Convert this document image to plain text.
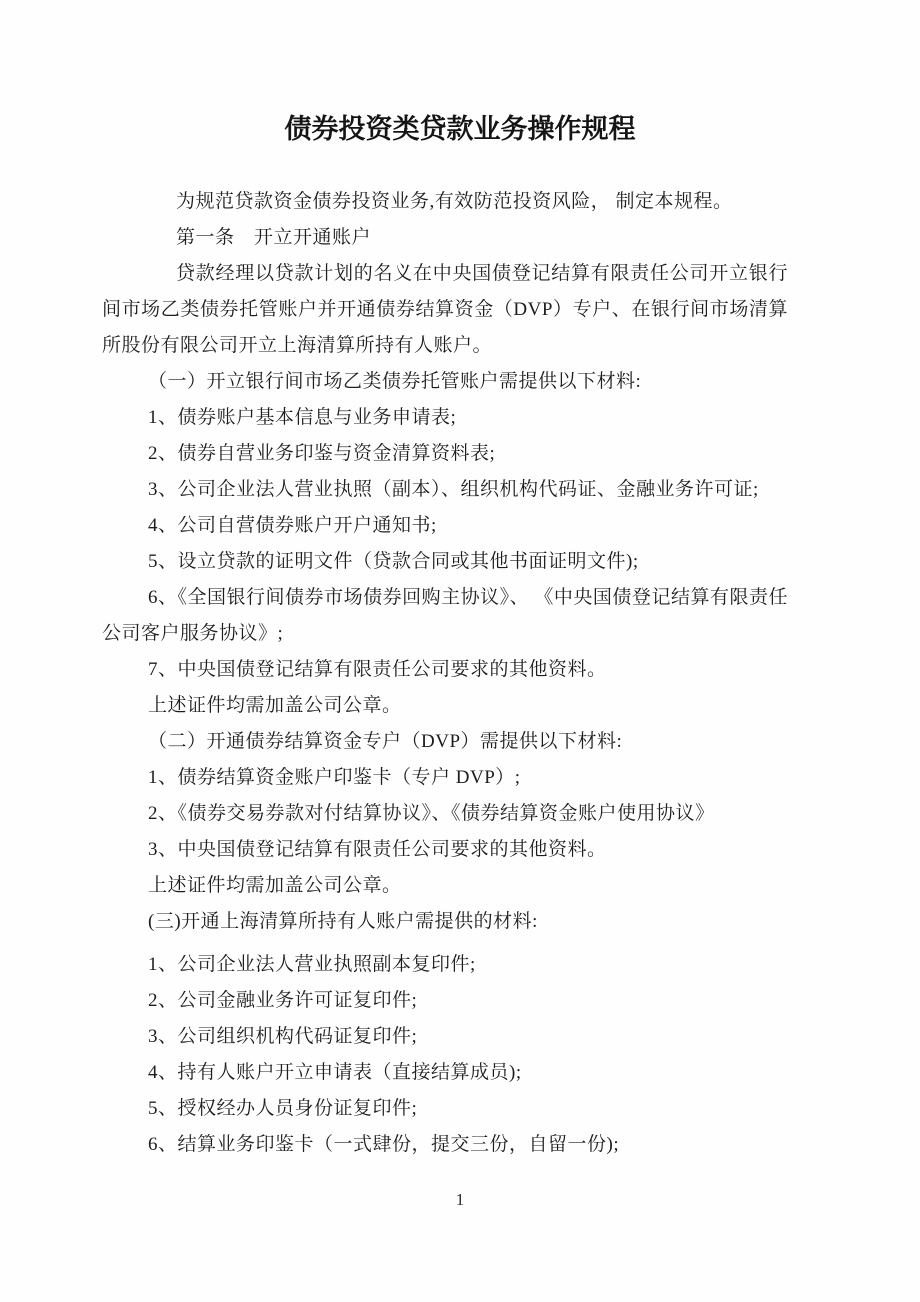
债券投资类贷款业务操作规程

为规范贷款资金债券投资业务,有效防范投资风险， 制定本规程。

第一条　开立开通账户

贷款经理以贷款计划的名义在中央国债登记结算有限责任公司开立银行间市场乙类债券托管账户并开通债券结算资金（DVP）专户、在银行间市场清算所股份有限公司开立上海清算所持有人账户。

（一）开立银行间市场乙类债券托管账户需提供以下材料:

1、债券账户基本信息与业务申请表;

2、债券自营业务印鉴与资金清算资料表;

3、公司企业法人营业执照（副本）、组织机构代码证、金融业务许可证;

4、公司自营债券账户开户通知书;

5、设立贷款的证明文件（贷款合同或其他书面证明文件);

6、《全国银行间债券市场债券回购主协议》、 《中央国债登记结算有限责任公司客户服务协议》;

7、中央国债登记结算有限责任公司要求的其他资料。

上述证件均需加盖公司公章。

（二）开通债券结算资金专户（DVP）需提供以下材料:

1、债券结算资金账户印鉴卡（专户 DVP）;

2、《债券交易券款对付结算协议》、《债券结算资金账户使用协议》

3、中央国债登记结算有限责任公司要求的其他资料。

上述证件均需加盖公司公章。

(三)开通上海清算所持有人账户需提供的材料:

1、公司企业法人营业执照副本复印件;

2、公司金融业务许可证复印件;

3、公司组织机构代码证复印件;

4、持有人账户开立申请表（直接结算成员);

5、授权经办人员身份证复印件;

6、结算业务印鉴卡（一式肆份，提交三份，自留一份);

1
